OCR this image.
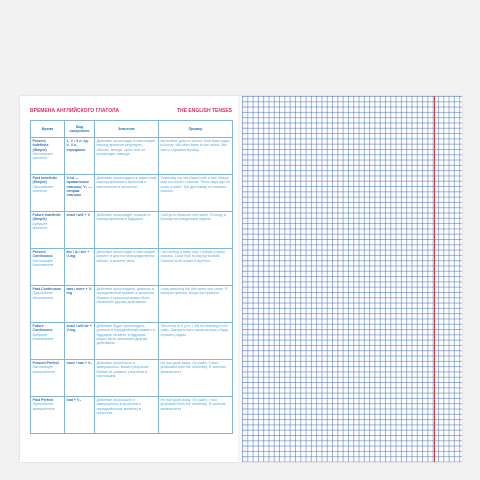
ВРЕМЕНА АНГЛИЙСКОГО ГЛАГОЛА	THE ENGLISH TENSES
Время	Вид сказуемого	Значение	Пример

Present Indefinite (Simple)
Настоящее простое	1. V • 3 л. ед. ч. V-s, отрицание	Действие происходит в настоящий период времени регулярно, обычно, всегда, часто или не происходит никогда.	My brother goes to school. Мой брат ходит в школу. We often listen to the music. Мы часто слушаем музыку.

Past Indefinite (Simple)
Прошедшее простое	V-ed — правильные глаголы; V₂ — неправ. глаголы	Действие происходило в известный период времени в прошлом и закончилось в прошлом.	Yesterday my cat played with a ball. Вчера мой кот играл с мячом. Three days ago he wrote a letter. Три дня назад он написал письмо.

Future Indefinite (Simple)
Будущее простое	shall / will + V	Действие произойдёт в какой-то период времени в будущем.	I will go to Moscow next week. Я поеду в Москву на следующей неделе.

Present Continuous
Настоящее длительное	am / is / are + V-ing	Действие происходит в настоящий момент и длится непосредственно сейчас, в момент речи.	I am writing a letter now. Сейчас я пишу письмо. Look! Bob is playing football. Смотри! Боб играет в футбол.

Past Continuous
Прошедшее длительное	was / were + V-ing	Действие происходило, длилось в определённый момент в прошлом. Момент в прошлом может быть обозначен другим действием.	I was watching the film when she came. Я смотрел фильм, когда она пришла.

Future Continuous
Будущее длительное	shall / will be + V-ing	Действие будет происходить, длиться в определённый момент в будущем. Момент в будущем может быть обозначен другим действием.	Tomorrow at 5 p.m. I will be listening to the radio. Завтра в пять часов вечера я буду слушать радио.

Present Perfect
Настоящее завершённое	have / has + V₃	Действие произошло и завершилось. Важен результат. Время не указано, результат в настоящем.	He has gone away. Он ушёл. I have graduated from the university. Я окончил университет.

Past Perfect
Прошедшее завершённое	had + V₃	Действие произошло и завершилось в прошлом к определённому моменту в прошлом.	He had gone away. Он ушёл. I had graduated from the university. Я окончил университет.
